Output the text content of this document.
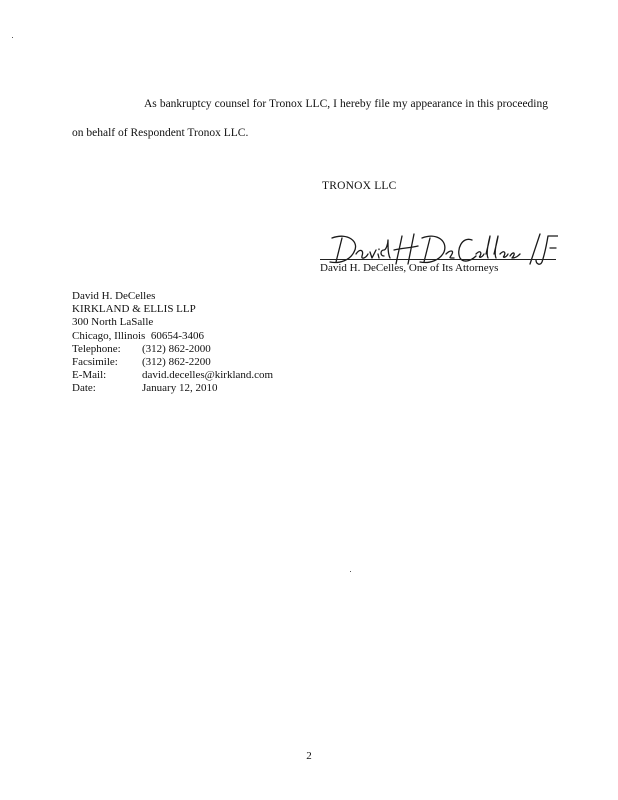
As bankruptcy counsel for Tronox LLC, I hereby file my appearance in this proceeding on behalf of Respondent Tronox LLC.
TRONOX LLC
David H. DeCelles, One of Its Attorneys
David H. DeCelles
KIRKLAND & ELLIS LLP
300 North LaSalle
Chicago, Illinois  60654-3406
Telephone:	(312) 862-2000
Facsimile:	(312) 862-2200
E-Mail:	david.decelles@kirkland.com
Date:	January 12, 2010
2
